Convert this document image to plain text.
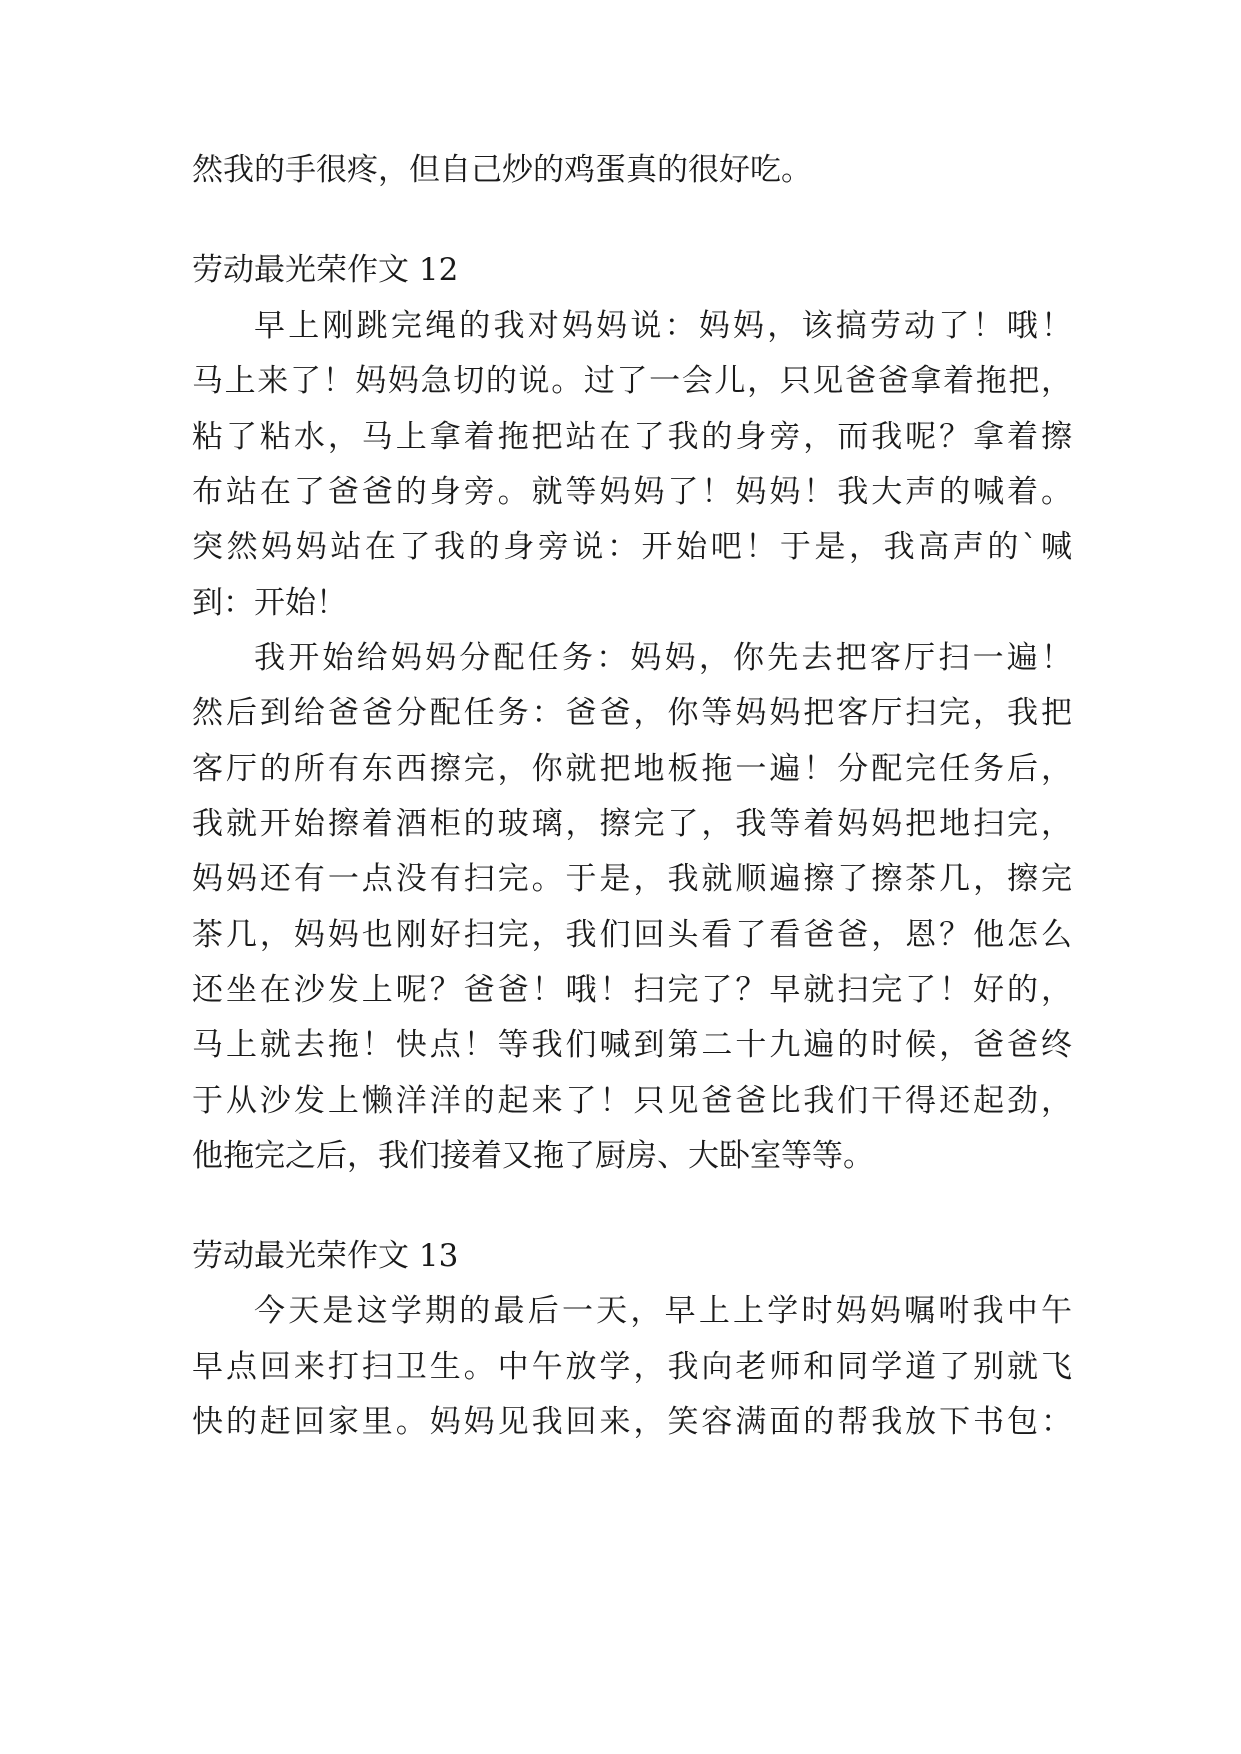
然我的手很疼，但自己炒的鸡蛋真的很好吃。
劳动最光荣作文 12
早上刚跳完绳的我对妈妈说：妈妈，该搞劳动了！哦！
马上来了！妈妈急切的说。过了一会儿，只见爸爸拿着拖把，
粘了粘水，马上拿着拖把站在了我的身旁，而我呢？拿着擦
布站在了爸爸的身旁。就等妈妈了！妈妈！我大声的喊着。
突然妈妈站在了我的身旁说：开始吧！于是，我高声的`喊
到：开始！
我开始给妈妈分配任务：妈妈，你先去把客厅扫一遍！
然后到给爸爸分配任务：爸爸，你等妈妈把客厅扫完，我把
客厅的所有东西擦完，你就把地板拖一遍！分配完任务后，
我就开始擦着酒柜的玻璃，擦完了，我等着妈妈把地扫完，
妈妈还有一点没有扫完。于是，我就顺遍擦了擦茶几，擦完
茶几，妈妈也刚好扫完，我们回头看了看爸爸，恩？他怎么
还坐在沙发上呢？爸爸！哦！扫完了？早就扫完了！好的，
马上就去拖！快点！等我们喊到第二十九遍的时候，爸爸终
于从沙发上懒洋洋的起来了！只见爸爸比我们干得还起劲，
他拖完之后，我们接着又拖了厨房、大卧室等等。
劳动最光荣作文 13
今天是这学期的最后一天，早上上学时妈妈嘱咐我中午
早点回来打扫卫生。中午放学，我向老师和同学道了别就飞
快的赶回家里。妈妈见我回来，笑容满面的帮我放下书包：
